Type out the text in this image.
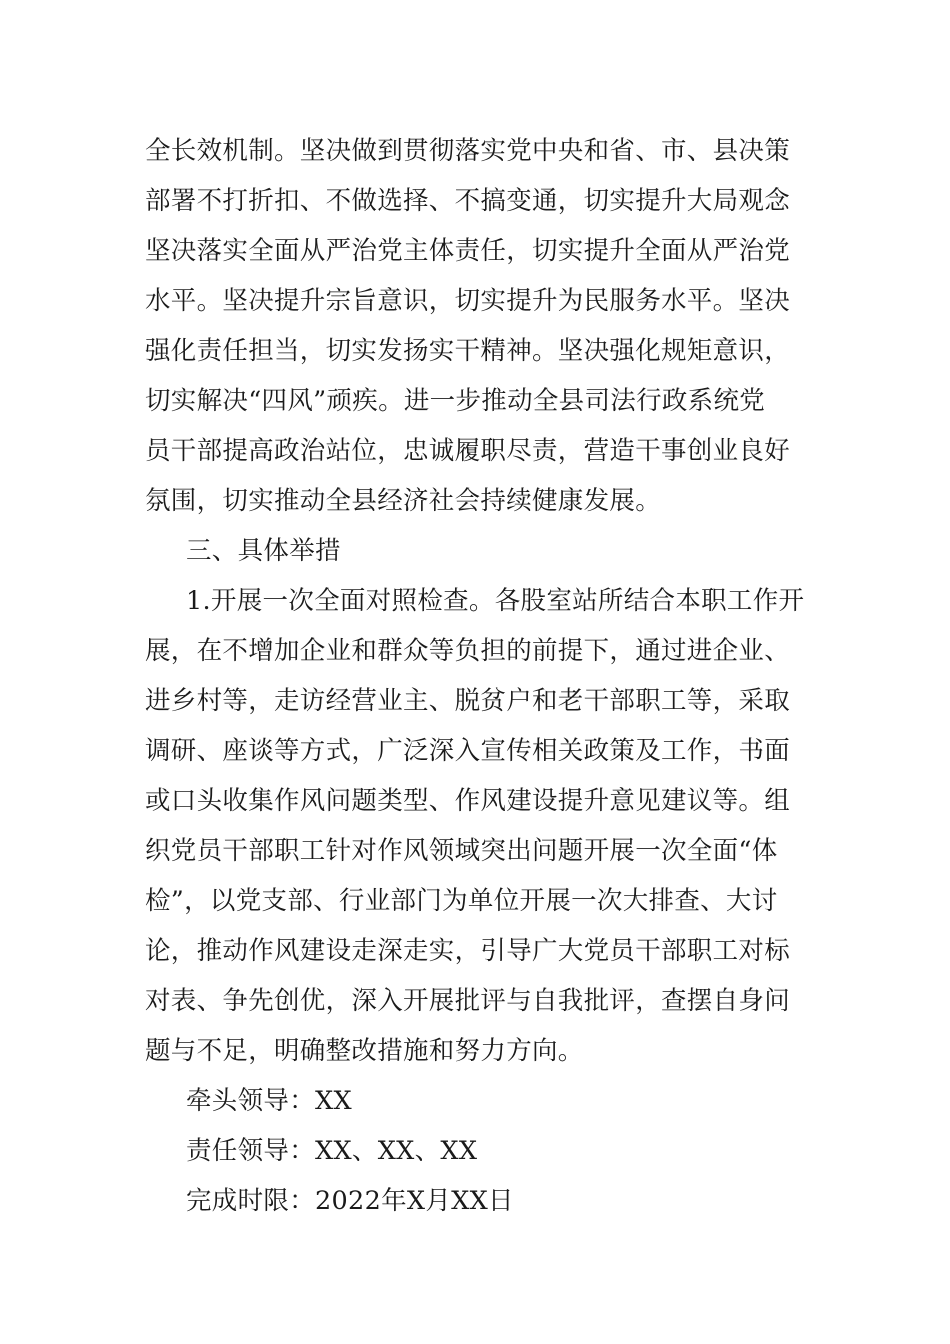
全长效机制。坚决做到贯彻落实党中央和省、市、县决策
部署不打折扣、不做选择、不搞变通，切实提升大局观念
坚决落实全面从严治党主体责任，切实提升全面从严治党
水平。坚决提升宗旨意识，切实提升为民服务水平。坚决
强化责任担当，切实发扬实干精神。坚决强化规矩意识，
切实解决“四风”顽疾。进一步推动全县司法行政系统党
员干部提高政治站位，忠诚履职尽责，营造干事创业良好
氛围，切实推动全县经济社会持续健康发展。
三、具体举措
1.开展一次全面对照检查。各股室站所结合本职工作开
展，在不增加企业和群众等负担的前提下，通过进企业、
进乡村等，走访经营业主、脱贫户和老干部职工等，采取
调研、座谈等方式，广泛深入宣传相关政策及工作，书面
或口头收集作风问题类型、作风建设提升意见建议等。组
织党员干部职工针对作风领域突出问题开展一次全面“体
检”，以党支部、行业部门为单位开展一次大排查、大讨
论，推动作风建设走深走实，引导广大党员干部职工对标
对表、争先创优，深入开展批评与自我批评，查摆自身问
题与不足，明确整改措施和努力方向。
牵头领导：XX
责任领导：XX、XX、XX
完成时限：2022年X月XX日
